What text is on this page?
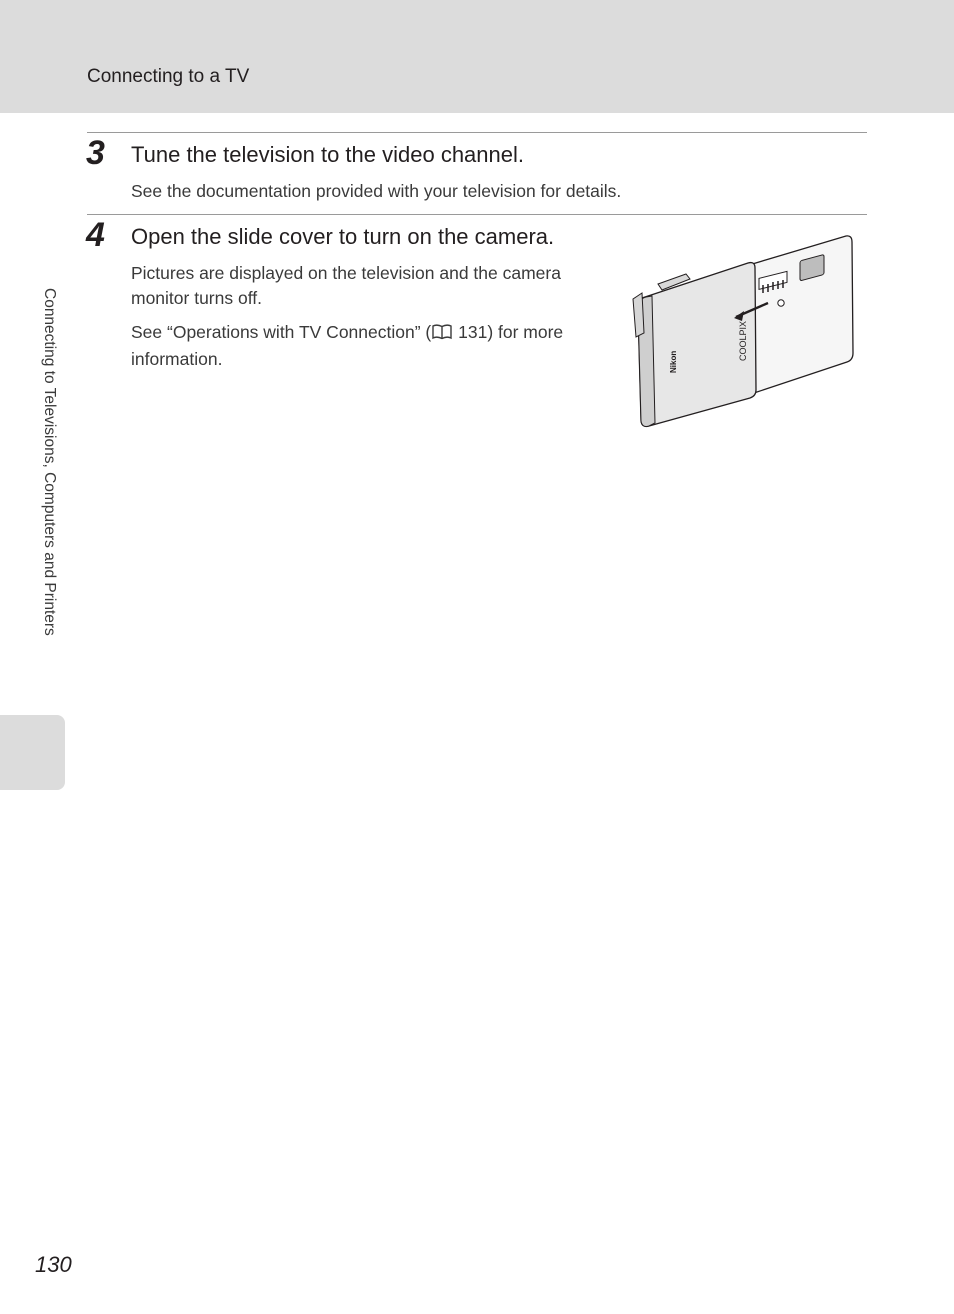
Connecting to a TV
3 Tune the television to the video channel.
See the documentation provided with your television for details.
4 Open the slide cover to turn on the camera.
Pictures are displayed on the television and the camera monitor turns off.
See “Operations with TV Connection” ( 131) for more information.	Nikon
COOLPIX
Connecting to Televisions, Computers and Printers
130
